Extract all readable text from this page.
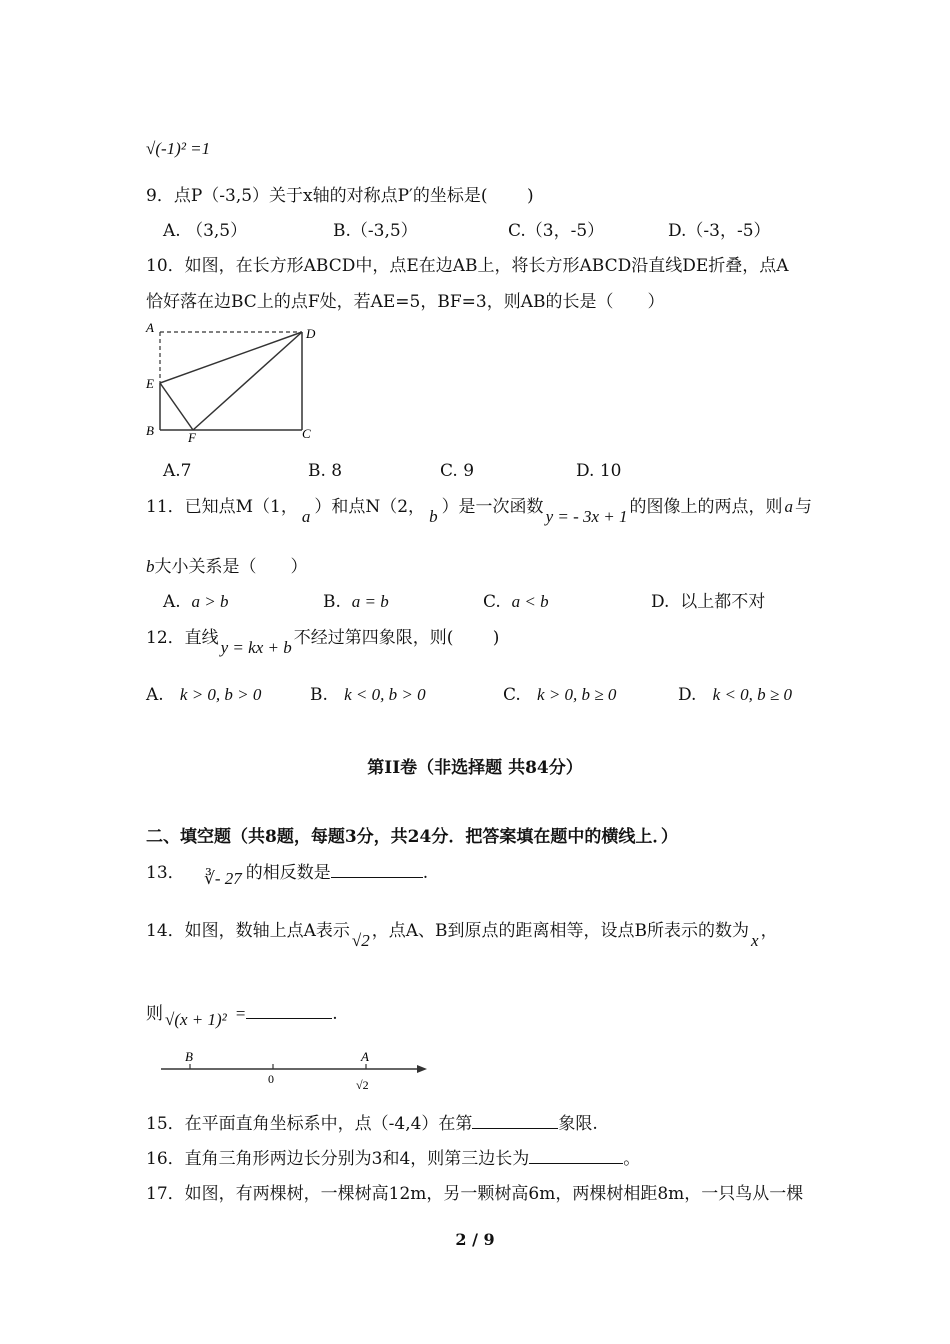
√(-1)² =1
9．点P（-3,5）关于x轴的对称点P′的坐标是(　　 )
A. （3,5）	B.（-3,5）	C.（3，-5）	D.（-3，-5）
10．如图，在长方形ABCD中，点E在边AB上，将长方形ABCD沿直线DE折叠，点A
恰好落在边BC上的点F处，若AE=5，BF=3，则AB的长是（　　）
A	D
E
B	F	C
A.7	B. 8	C. 9	D. 10
11．已知点M（1， a ）和点N（2， b ）是一次函数 y = - 3x + 1 的图像上的两点，则 a 与
b大小关系是（　　）
A. a > b	B. a = b	C. a < b	D. 以上都不对
12．直线 y = kx + b 不经过第四象限，则(　　 )
A. k > 0, b > 0	B. k < 0, b > 0	C. k > 0, b ≥ 0	D. k < 0, b ≥ 0
第II卷（非选择题 共84分）
二、填空题（共8题，每题3分，共24分．把答案填在题中的横线上．）
13． ∛- 27 的相反数是	.
14．如图，数轴上点A表示 √2 ，点A、B到原点的距离相等，设点B所表示的数为 x ，
则 √(x + 1)² =	.
B
0
A
√2
15．在平面直角坐标系中，点（-4,4）在第	象限.
16．直角三角形两边长分别为3和4，则第三边长为	。
17．如图，有两棵树，一棵树高12m，另一颗树高6m，两棵树相距8m，一只鸟从一棵
2 / 9
